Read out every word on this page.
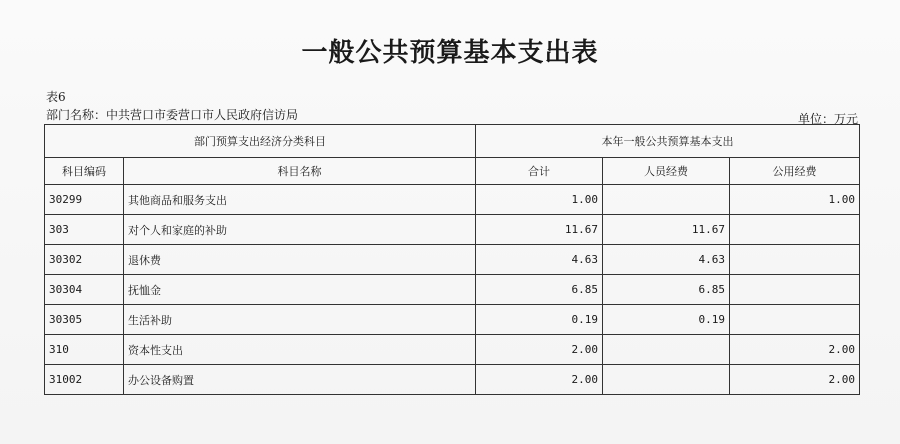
一般公共预算基本支出表
表6
部门名称：中共营口市委营口市人民政府信访局	单位：万元
部门预算支出经济分类科目		本年一般公共预算基本支出		
科目编码	科目名称	合计	人员经费	公用经费
30299	其他商品和服务支出	1.00		1.00
303	对个人和家庭的补助	11.67	11.67	
30302	退休费	4.63	4.63	
30304	抚恤金	6.85	6.85	
30305	生活补助	0.19	0.19	
310	资本性支出	2.00		2.00
31002	办公设备购置	2.00		2.00
